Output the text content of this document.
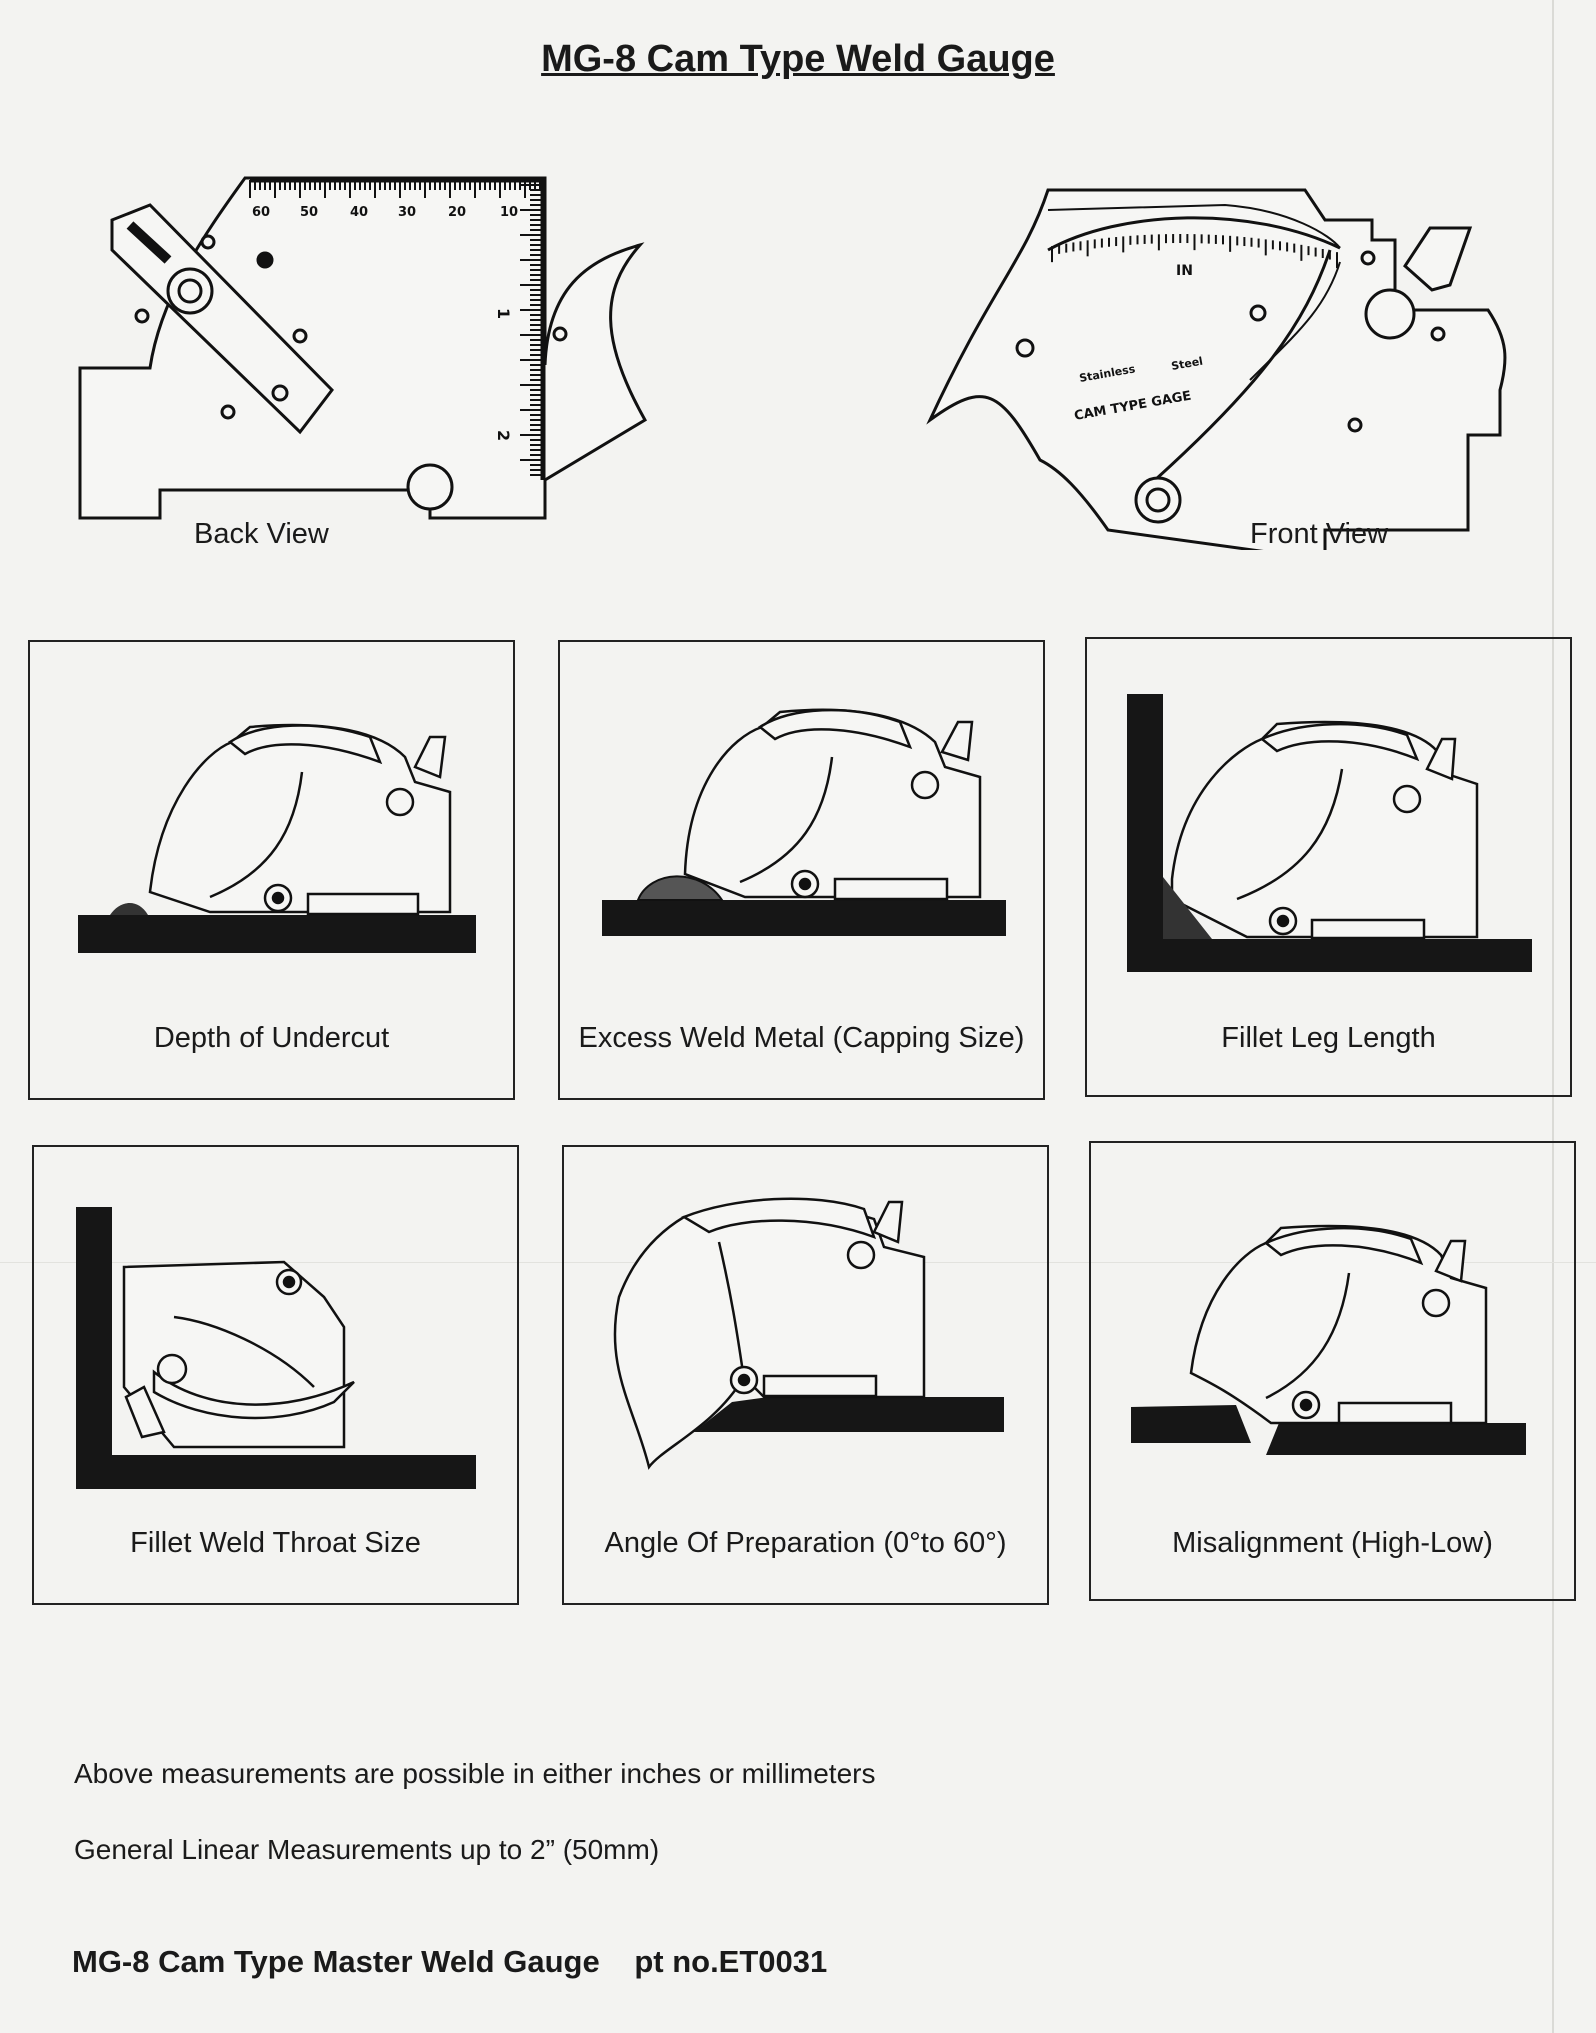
MG-8 Cam Type Weld Gauge
60 50 40 30 20	10
1
2
IN
Stainless	Steel
CAM TYPE GAGE
Back View	Front View
Depth of Undercut	Excess Weld Metal (Capping Size)	Fillet Leg Length
Fillet Weld Throat Size	Angle Of Preparation (0°to 60°)	Misalignment (High-Low)
Above measurements are possible in either inches or millimeters
General Linear Measurements up to 2” (50mm)
MG-8 Cam Type Master Weld Gauge pt no.ET0031
